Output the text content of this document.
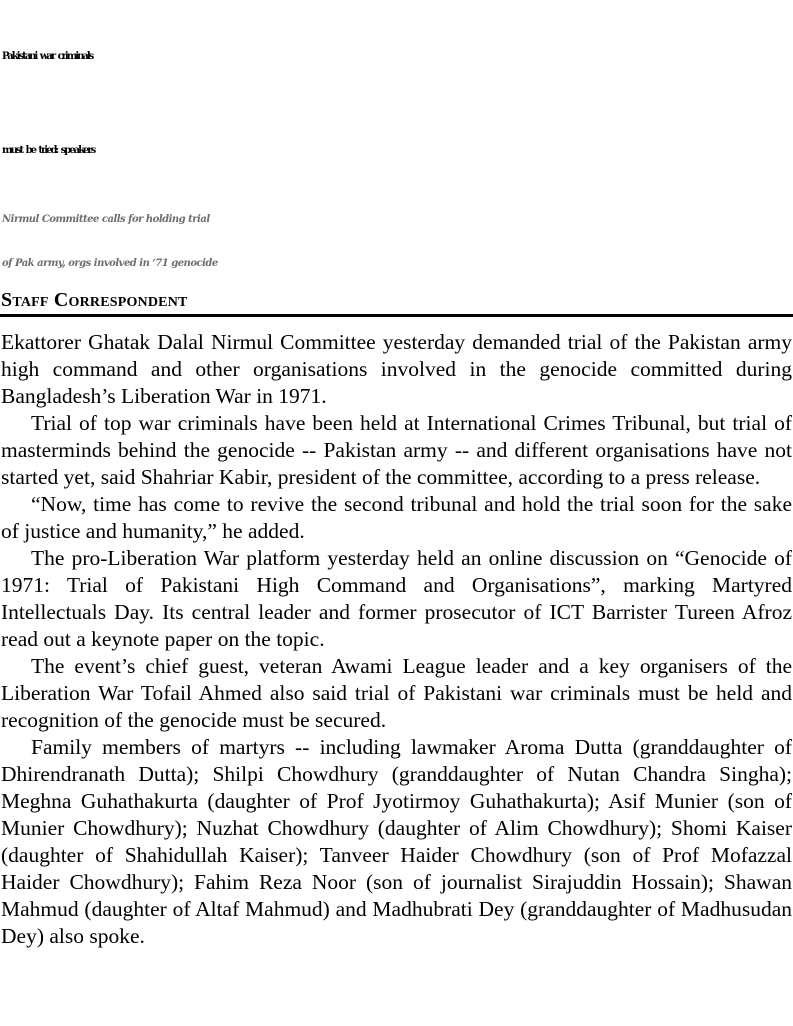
Pakistani war criminals
must be tried: speakers
Nirmul Committee calls for holding trial
of Pak army, orgs involved in ‘71 genocide
Staff Correspondent

Ekattorer Ghatak Dalal Nirmul Committee yesterday demanded trial of the Pakistan army high command and other organisations involved in the genocide committed during Bangladesh’s Liberation War in 1971.

Trial of top war criminals have been held at International Crimes Tribunal, but trial of masterminds behind the genocide -- Pakistan army -- and different organisations have not started yet, said Shahriar Kabir, president of the committee, according to a press release.

“Now, time has come to revive the second tribunal and hold the trial soon for the sake of justice and humanity,” he added.

The pro-Liberation War platform yesterday held an online discussion on “Genocide of 1971: Trial of Pakistani High Command and Organisations”, marking Martyred Intellectuals Day. Its central leader and former prosecutor of ICT Barrister Tureen Afroz read out a keynote paper on the topic.

The event’s chief guest, veteran Awami League leader and a key organisers of the Liberation War Tofail Ahmed also said trial of Pakistani war criminals must be held and recognition of the genocide must be secured.

Family members of martyrs -- including lawmaker Aroma Dutta (granddaughter of Dhirendranath Dutta); Shilpi Chowdhury (granddaughter of Nutan Chandra Singha); Meghna Guhathakurta (daughter of Prof Jyotirmoy Guhathakurta); Asif Munier (son of Munier Chowdhury); Nuzhat Chowdhury (daughter of Alim Chowdhury); Shomi Kaiser (daughter of Shahidullah Kaiser); Tanveer Haider Chowdhury (son of Prof Mofazzal Haider Chowdhury); Fahim Reza Noor (son of journalist Sirajuddin Hossain); Shawan Mahmud (daughter of Altaf Mahmud) and Madhubrati Dey (granddaughter of Madhusudan Dey) also spoke.
